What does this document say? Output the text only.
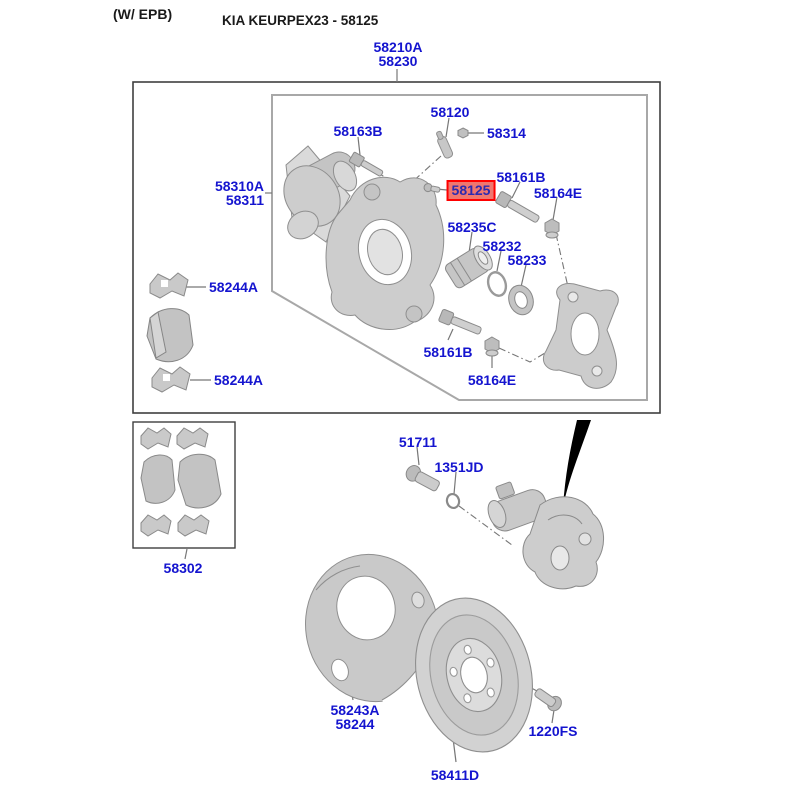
(W/ EPB)	KIA KEURPEX23 - 58125
58210A
58230
58120
58163B	58314
58310A
58311
58125
58161B
58164E
58235C
58232
58233
58244A
58244A
58161B
58164E
58302
51711
1351JD
58243A
58244	1220FS
58411D
